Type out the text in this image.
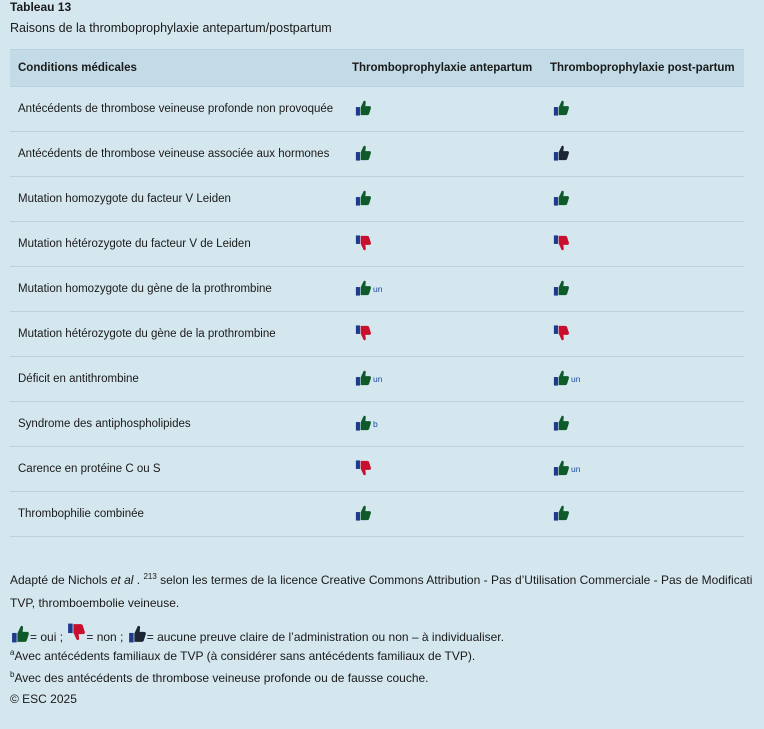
Tableau 13
Raisons de la thromboprophylaxie antepartum/postpartum
Conditions médicales	Thromboprophylaxie antepartum	Thromboprophylaxie post-partum
Antécédents de thrombose veineuse profonde non provoquée		
Antécédents de thrombose veineuse associée aux hormones		
Mutation homozygote du facteur V Leiden		
Mutation hétérozygote du facteur V de Leiden		
Mutation homozygote du gène de la prothrombine	un	
Mutation hétérozygote du gène de la prothrombine		
Déficit en antithrombine	un	un
Syndrome des antiphospholipides	b	
Carence en protéine C ou S		un
Thrombophilie combinée		
Adapté de Nichols et al . $^{213}$ selon les termes de la licence Creative Commons Attribution - Pas d’Utilisation Commerciale - Pas de Modificati
TVP, thromboembolie veineuse.
= oui ; = non ; = aucune preuve claire de l’administration ou non – à individualiser.
$^a$Avec antécédents familiaux de TVP (à considérer sans antécédents familiaux de TVP).
$^b$Avec des antécédents de thrombose veineuse profonde ou de fausse couche.
© ESC 2025
